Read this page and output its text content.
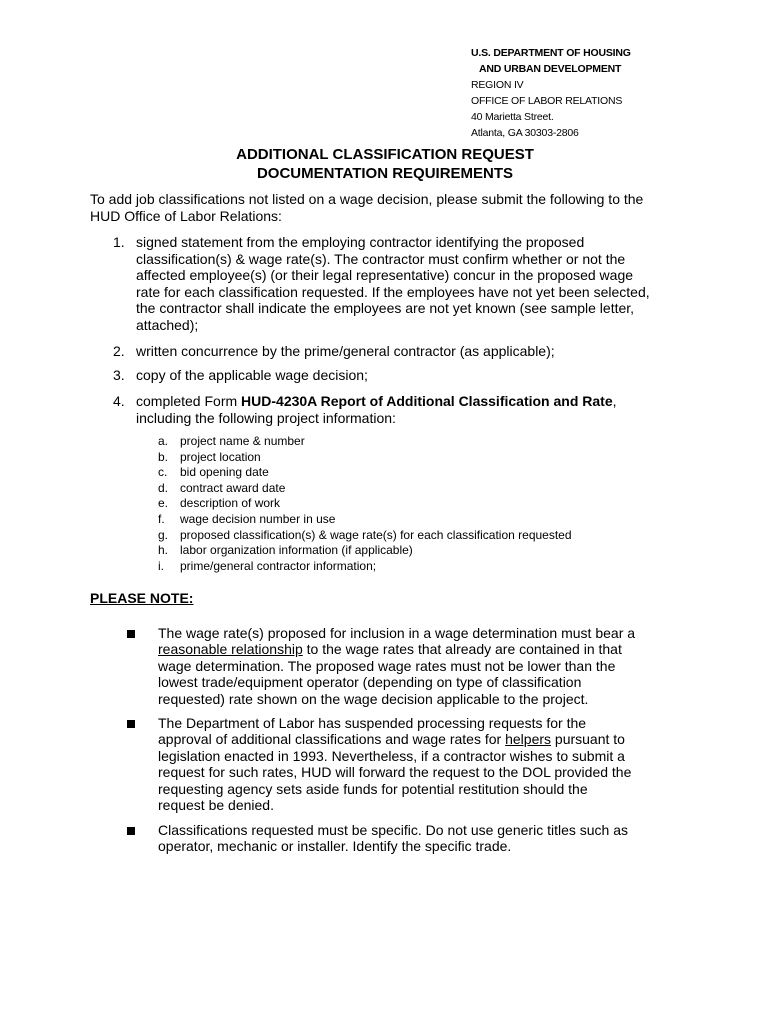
U.S. DEPARTMENT OF HOUSING
AND URBAN DEVELOPMENT
REGION IV
OFFICE OF LABOR RELATIONS
40 Marietta Street.
Atlanta, GA 30303-2806
ADDITIONAL CLASSIFICATION REQUEST
DOCUMENTATION REQUIREMENTS
To add job classifications not listed on a wage decision, please submit the following to the HUD Office of Labor Relations:
1. signed statement from the employing contractor identifying the proposed classification(s) & wage rate(s). The contractor must confirm whether or not the affected employee(s) (or their legal representative) concur in the proposed wage rate for each classification requested. If the employees have not yet been selected, the contractor shall indicate the employees are not yet known (see sample letter, attached);
2. written concurrence by the prime/general contractor (as applicable);
3. copy of the applicable wage decision;
4. completed Form HUD-4230A Report of Additional Classification and Rate, including the following project information:
a. project name & number
b. project location
c. bid opening date
d. contract award date
e. description of work
f. wage decision number in use
g. proposed classification(s) & wage rate(s) for each classification requested
h. labor organization information (if applicable)
i. prime/general contractor information;
PLEASE NOTE:
The wage rate(s) proposed for inclusion in a wage determination must bear a reasonable relationship to the wage rates that already are contained in that wage determination. The proposed wage rates must not be lower than the lowest trade/equipment operator (depending on type of classification requested) rate shown on the wage decision applicable to the project.
The Department of Labor has suspended processing requests for the approval of additional classifications and wage rates for helpers pursuant to legislation enacted in 1993. Nevertheless, if a contractor wishes to submit a request for such rates, HUD will forward the request to the DOL provided the requesting agency sets aside funds for potential restitution should the request be denied.
Classifications requested must be specific. Do not use generic titles such as operator, mechanic or installer. Identify the specific trade.
